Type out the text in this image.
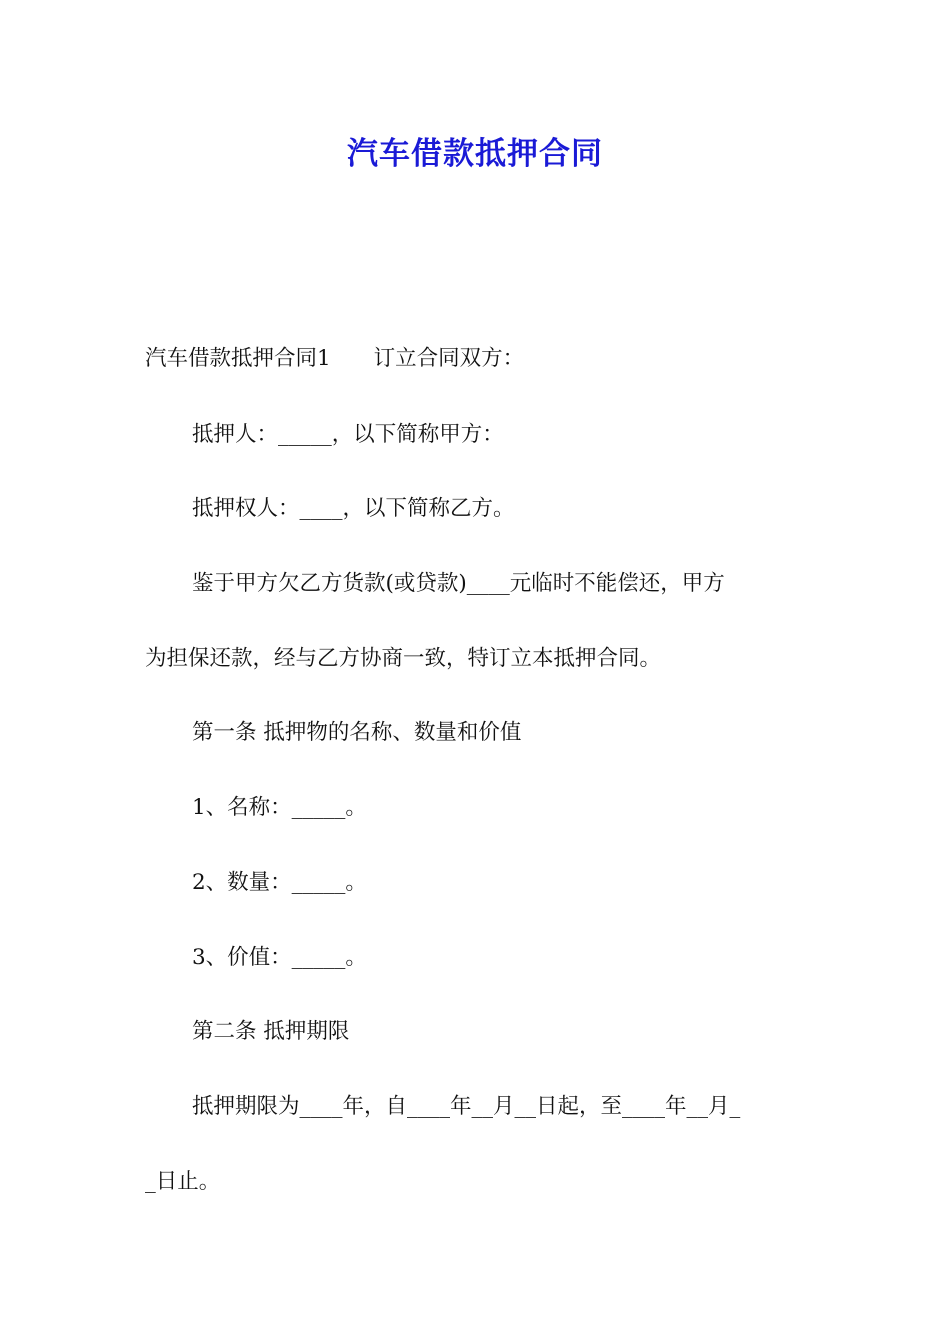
汽车借款抵押合同
汽车借款抵押合同1　　订立合同双方：
抵押人：_____，以下简称甲方：
抵押权人：____，以下简称乙方。
鉴于甲方欠乙方货款(或贷款)____元临时不能偿还，甲方
为担保还款，经与乙方协商一致，特订立本抵押合同。
第一条 抵押物的名称、数量和价值
1、名称：_____。
2、数量：_____。
3、价值：_____。
第二条 抵押期限
抵押期限为____年，自____年__月__日起，至____年__月_
_日止。
